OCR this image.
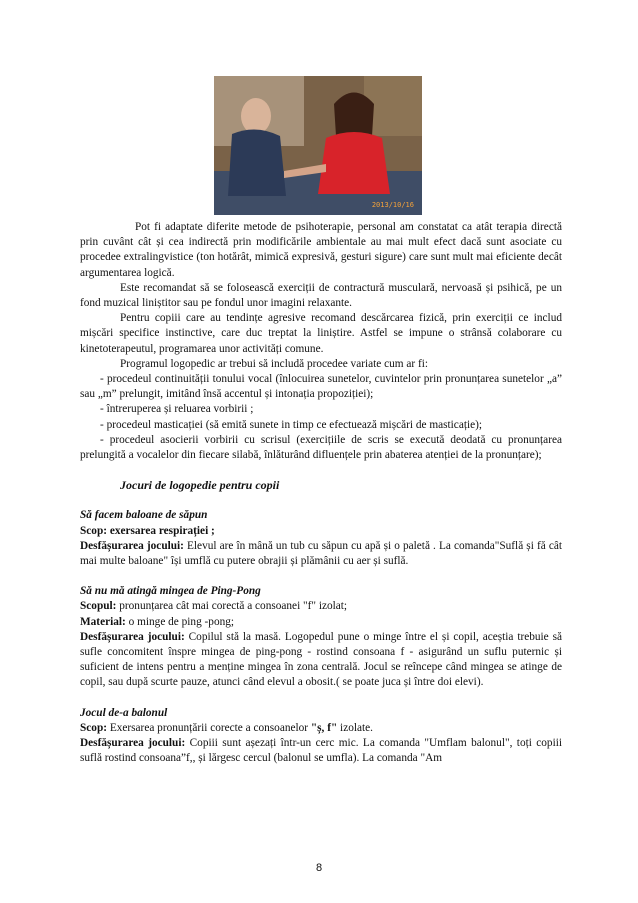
2013/10/16

Pot fi adaptate diferite metode de psihoterapie, personal am constatat ca atât terapia directă prin cuvânt cât și cea indirectă prin modificările ambientale au mai mult efect dacă sunt asociate cu procedee extralingvistice (ton hotărât, mimică expresivă, gesturi sigure) care sunt mult mai eficiente decât argumentarea logică.

Este recomandat să se folosească exerciții de contractură musculară, nervoasă și psihică, pe un fond muzical liniștitor sau pe fondul unor imagini relaxante.

Pentru copiii care au tendințe agresive recomand descărcarea fizică, prin exerciții ce includ mișcări specifice instinctive, care duc treptat la liniștire. Astfel se impune o strânsă colaborare cu kinetoterapeutul, programarea unor activități comune.

Programul logopedic ar trebui să includă procedee variate cum ar fi:

- procedeul continuității tonului vocal (înlocuirea sunetelor, cuvintelor prin pronunțarea sunetelor „a” sau „m” prelungit, imitând însă accentul și intonația propoziției);

- întreruperea și reluarea vorbirii ;

- procedeul masticației (să emită sunete in timp ce efectuează mișcări de masticație);

- procedeul asocierii vorbirii cu scrisul (exercițiile de scris se execută deodată cu pronunțarea prelungită a vocalelor din fiecare silabă, înlăturând difluențele prin abaterea atenției de la pronunțare);

Jocuri de logopedie pentru copii

Să facem baloane de săpun

Scop: exersarea respirației ;

Desfășurarea jocului: Elevul are în mână un tub cu săpun cu apă și o paletă . La comanda"Suflă și fă cât mai multe baloane" își umflă cu putere obrajii și plămânii cu aer și suflă.

Să nu mă atingă mingea de Ping-Pong

Scopul: pronunțarea cât mai corectă a consoanei "f" izolat;

Material: o minge de ping -pong;

Desfășurarea jocului: Copilul stă la masă. Logopedul pune o minge între el și copil, aceștia trebuie să sufle concomitent înspre mingea de ping-pong - rostind consoana f - asigurând un suflu puternic și suficient de intens pentru a menține mingea în zona centrală. Jocul se reîncepe când mingea se atinge de copil, sau după scurte pauze, atunci când elevul a obosit.( se poate juca și între doi elevi).

Jocul de-a balonul

Scop: Exersarea pronunțării corecte a consoanelor "ș, f" izolate.

Desfășurarea jocului: Copiii sunt așezați într-un cerc mic. La comanda "Umflam balonul", toți copiii suflă rostind consoana”f,, și lărgesc cercul (balonul se umfla). La comanda "Am

8
